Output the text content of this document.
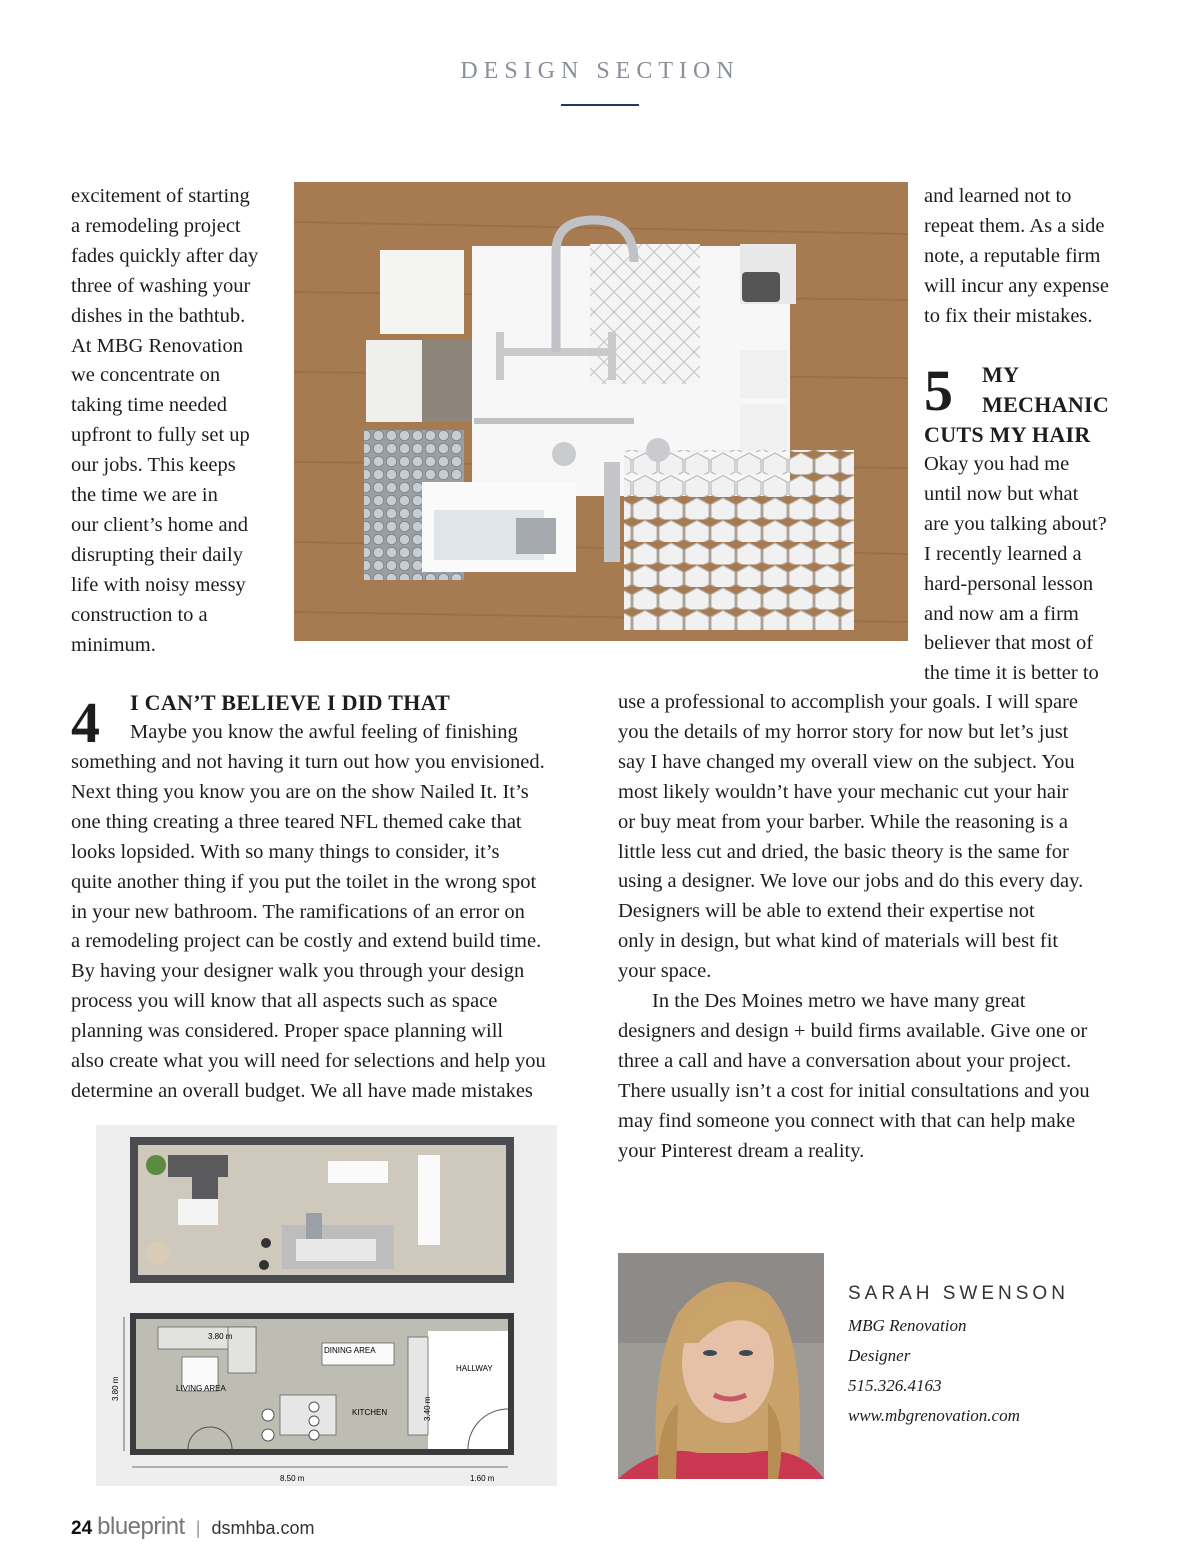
DESIGN SECTION

excitement of starting

a remodeling project

fades quickly after day

three of washing your

dishes in the bathtub.

At MBG Renovation

we concentrate on

taking time needed

upfront to fully set up

our jobs. This keeps

the time we are in

our client’s home and

disrupting their daily

life with noisy messy

construction to a

minimum.

and learned not to

repeat them. As a side

note, a reputable firm

will incur any expense

to fix their mistakes.

5 MY
MECHANIC
CUTS MY HAIR

Okay you had me

until now but what

are you talking about?

I recently learned a

hard-personal lesson

and now am a firm

believer that most of

the time it is better to

4 I CAN’T BELIEVE I DID THAT
Maybe you know the awful feeling of finishing

something and not having it turn out how you envisioned.

Next thing you know you are on the show Nailed It. It’s

one thing creating a three teared NFL themed cake that

looks lopsided. With so many things to consider, it’s

quite another thing if you put the toilet in the wrong spot

in your new bathroom. The ramifications of an error on

a remodeling project can be costly and extend build time.

By having your designer walk you through your design

process you will know that all aspects such as space

planning was considered. Proper space planning will

also create what you will need for selections and help you

determine an overall budget. We all have made mistakes

use a professional to accomplish your goals. I will spare

you the details of my horror story for now but let’s just

say I have changed my overall view on the subject. You

most likely wouldn’t have your mechanic cut your hair

or buy meat from your barber. While the reasoning is a

little less cut and dried, the basic theory is the same for

using a designer. We love our jobs and do this every day.

Designers will be able to extend their expertise not

only in design, but what kind of materials will best fit

your space.

In the Des Moines metro we have many great

designers and design + build firms available. Give one or

three a call and have a conversation about your project.

There usually isn’t a cost for initial consultations and you

may find someone you connect with that can help make

your Pinterest dream a reality.

3.80 m
DINING AREA
LIVING AREA
KITCHEN
HALLWAY
3.40 m
3.80 m
8.50 m	1.60 m
SARAH SWENSON
MBG Renovation
Designer
515.326.4163
www.mbgrenovation.com
24 blueprint | dsmhba.com
